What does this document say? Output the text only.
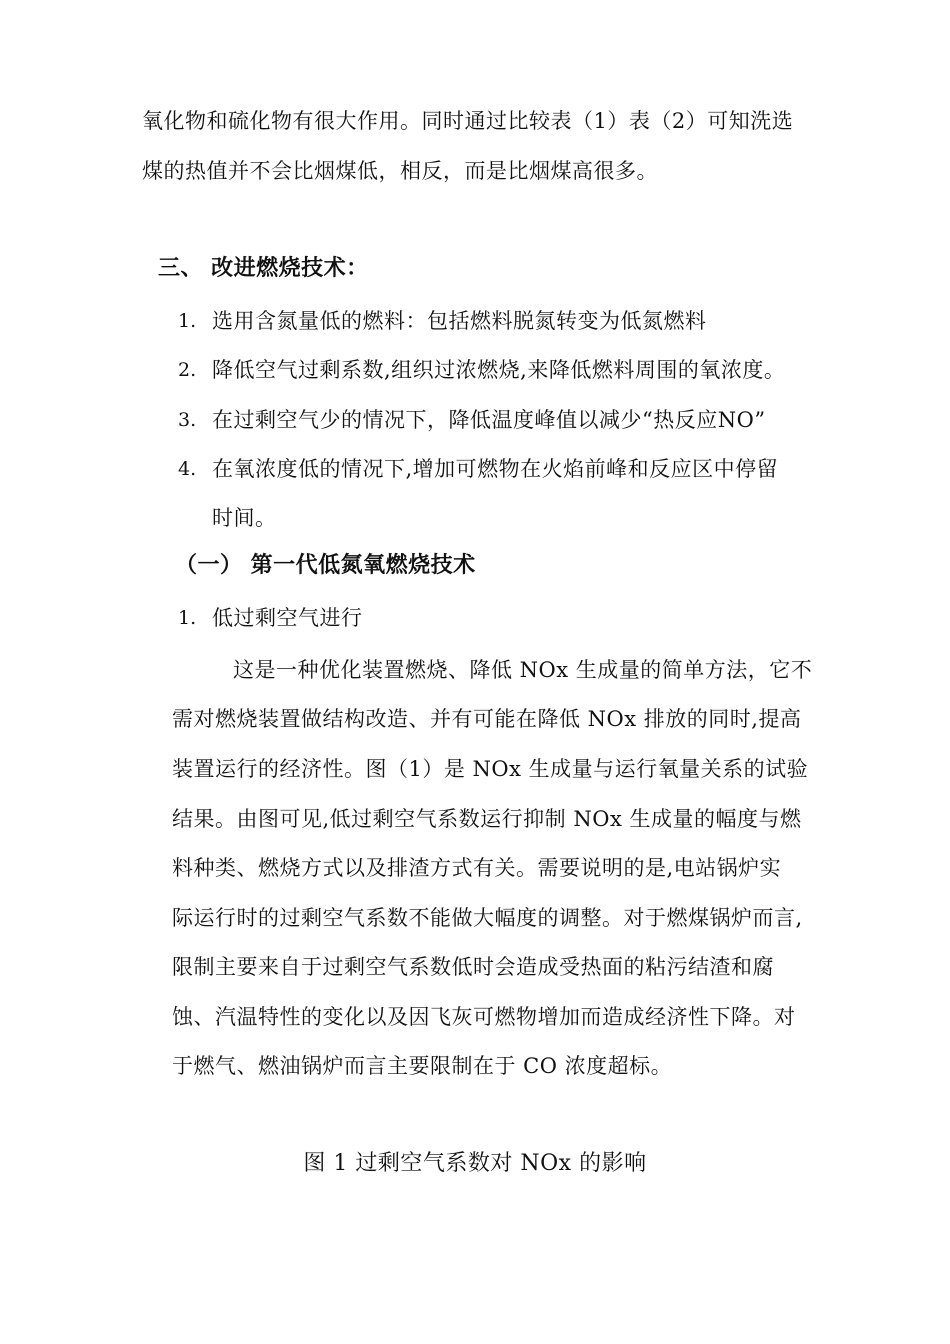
氧化物和硫化物有很大作用。同时通过比较表（1）表（2）可知洗选
煤的热值并不会比烟煤低，相反，而是比烟煤高很多。
三、 改进燃烧技术：
1. 选用含氮量低的燃料：包括燃料脱氮转变为低氮燃料
2. 降低空气过剩系数,组织过浓燃烧,来降低燃料周围的氧浓度。
3. 在过剩空气少的情况下，降低温度峰值以减少“热反应NO”
4. 在氧浓度低的情况下,增加可燃物在火焰前峰和反应区中停留
时间。
（一） 第一代低氮氧燃烧技术
1. 低过剩空气进行
这是一种优化装置燃烧、降低 NOx 生成量的简单方法，它不
需对燃烧装置做结构改造、并有可能在降低 NOx 排放的同时,提高
装置运行的经济性。图（1）是 NOx 生成量与运行氧量关系的试验
结果。由图可见,低过剩空气系数运行抑制 NOx 生成量的幅度与燃
料种类、燃烧方式以及排渣方式有关。需要说明的是,电站锅炉实
际运行时的过剩空气系数不能做大幅度的调整。对于燃煤锅炉而言,
限制主要来自于过剩空气系数低时会造成受热面的粘污结渣和腐
蚀、汽温特性的变化以及因飞灰可燃物增加而造成经济性下降。对
于燃气、燃油锅炉而言主要限制在于 CO 浓度超标。
图 1 过剩空气系数对 NOx 的影响
